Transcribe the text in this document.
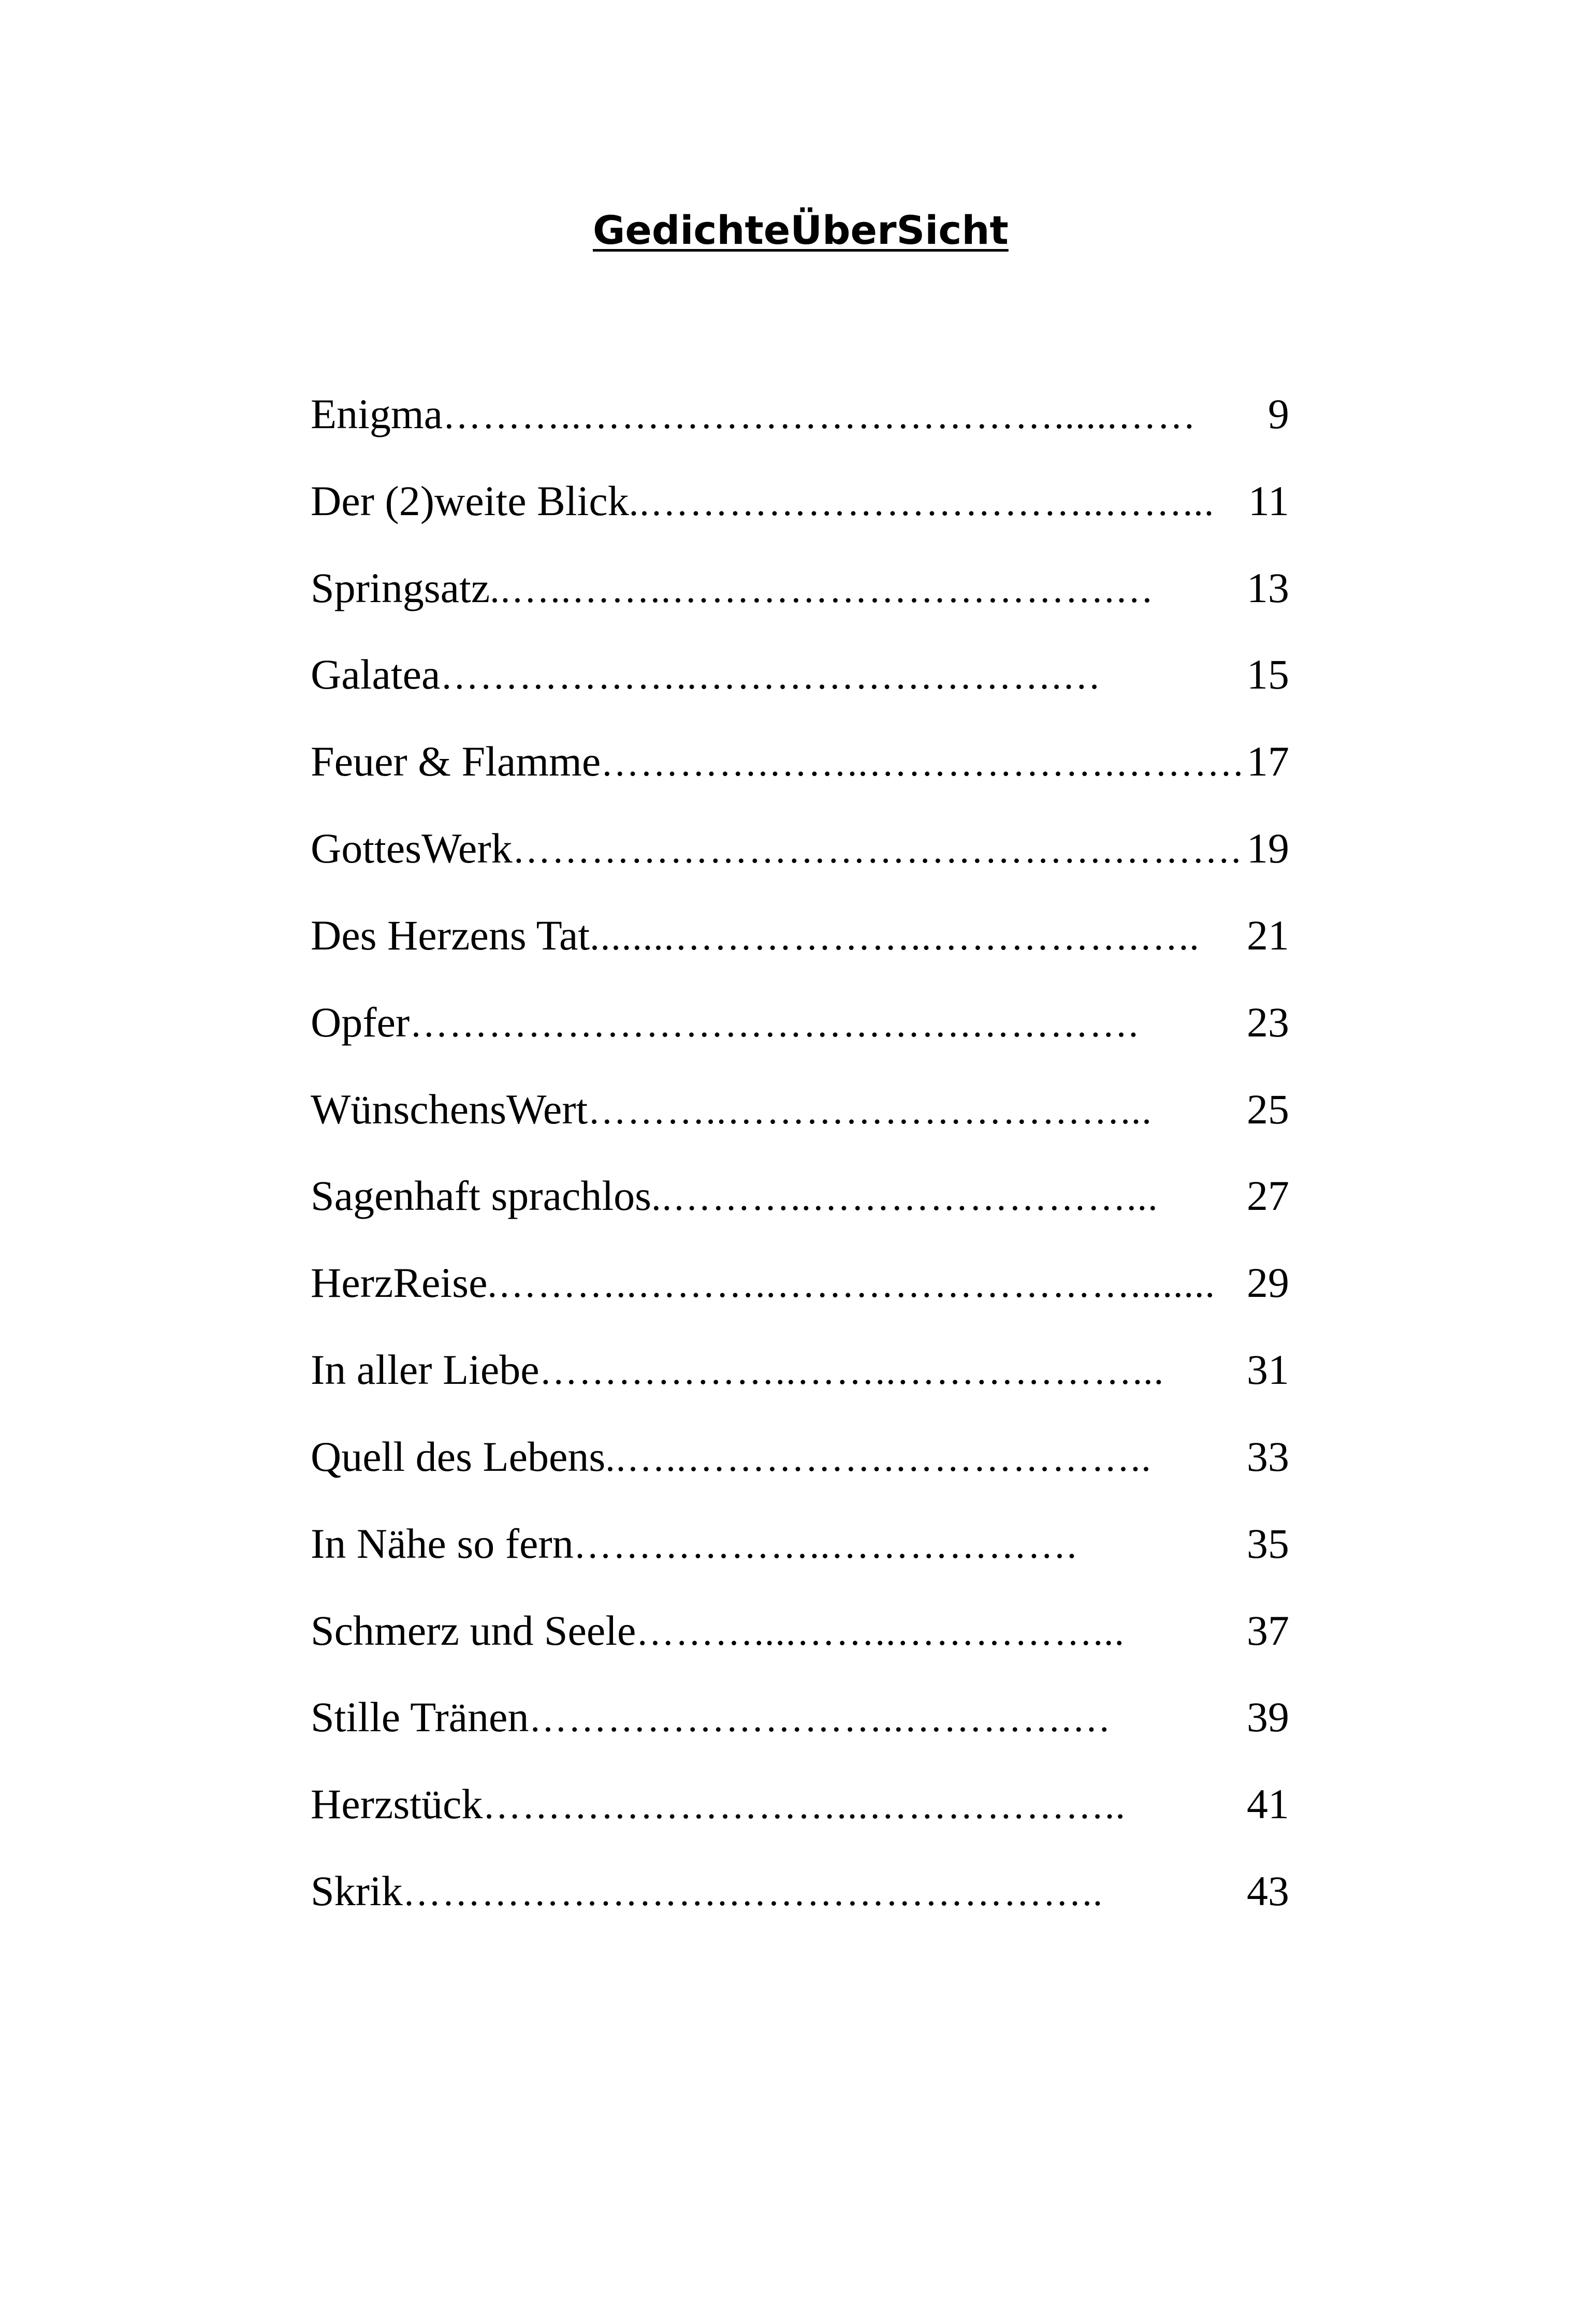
GedichteÜberSicht
Enigma ………..………………………………......……	9
Der (2)weite Blick ..……………………………..……... 11
Springsatz ..…..……..…………………………….…	13
Galatea ………………..……………………….…	15
Feuer & Flamme ………….……..……………….………. 17
GottesWerk ……………………………………….………. 19
Des Herzens Tat ........………………..…………….…..	21
Opfer …………………………………….………….	23
WünschensWert ………..…………………………...	25
Sagenhaft sprachlos ..………..……………………...	27
HerzReise .………..………..………………………........ 29
In aller Liebe ………………..……..………………...	31
Quell des Lebens ..…..…………….………………..	33
In Nähe so fern ………………..……………….	35
Schmerz und Seele ………....……..……………...	37
Stille Tränen ………………………..………….…	39
Herzstück ………………………...………………..	41
Skrik …………………….………………………..	43
